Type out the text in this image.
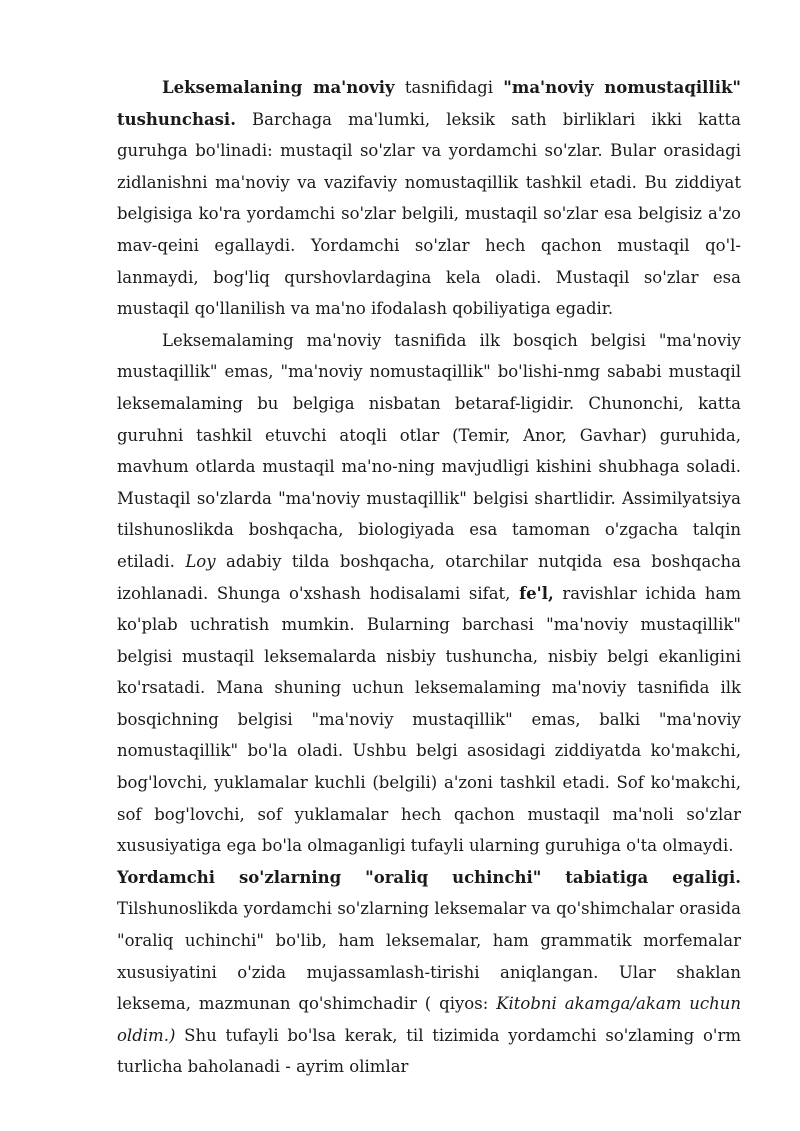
Leksemalaning ma'noviy tasnifidagi "ma'noviy nomustaqillik" tushunchasi. Barchaga ma'lumki, leksik sath birliklari ikki katta guruhga bo'linadi: mustaqil so'zlar va yordamchi so'zlar. Bular orasidagi zidlanishni ma'noviy va vazifaviy nomustaqillik tashkil etadi. Bu ziddiyat belgisiga ko'ra yordamchi so'zlar belgili, mustaqil so'zlar esa belgisiz a'zo mav-qeini egallaydi. Yordamchi so'zlar hech qachon mustaqil qo'l-lanmaydi, bog'liq qurshovlardagina kela oladi. Mustaqil so'zlar esa mustaqil qo'llanilish va ma'no ifodalash qobiliyatiga egadir.

Leksemalaming ma'noviy tasnifida ilk bosqich belgisi "ma'noviy mustaqillik" emas, "ma'noviy nomustaqillik" bo'lishi-nmg sababi mustaqil leksemalaming bu belgiga nisbatan betaraf-ligidir. Chunonchi, katta guruhni tashkil etuvchi atoqli otlar (Temir, Anor, Gavhar) guruhida, mavhum otlarda mustaqil ma'no-ning mavjudligi kishini shubhaga soladi. Mustaqil so'zlarda "ma'noviy mustaqillik" belgisi shartlidir. Assimilyatsiya tilshunoslikda boshqacha, biologiyada esa tamoman o'zgacha talqin etiladi. Loy adabiy tilda boshqacha, otarchilar nutqida esa boshqacha izohlanadi. Shunga o'xshash hodisalami sifat, fe'l, ravishlar ichida ham ko'plab uchratish mumkin. Bularning barchasi "ma'noviy mustaqillik" belgisi mustaqil leksemalarda nisbiy tushuncha, nisbiy belgi ekanligini ko'rsatadi. Mana shuning uchun leksemalaming ma'noviy tasnifida ilk bosqichning belgisi "ma'noviy mustaqillik" emas, balki "ma'noviy nomustaqillik" bo'la oladi. Ushbu belgi asosidagi ziddiyatda ko'makchi, bog'lovchi, yuklamalar kuchli (belgili) a'zoni tashkil etadi. Sof ko'makchi, sof bog'lovchi, sof yuklamalar hech qachon mustaqil ma'noli so'zlar xususiyatiga ega bo'la olmaganligi tufayli ularning guruhiga o'ta olmaydi.

Yordamchi so'zlarning "oraliq uchinchi" tabiatiga egaligi. Tilshunoslikda yordamchi so'zlarning leksemalar va qo'shimchalar orasida "oraliq uchinchi" bo'lib, ham leksemalar, ham grammatik morfemalar xususiyatini o'zida mujassamlash-tirishi aniqlangan. Ular shaklan leksema, mazmunan qo'shimchadir ( qiyos: Kitobni akamga/akam uchun oldim.) Shu tufayli bo'lsa kerak, til tizimida yordamchi so'zlaming o'rm turlicha baholanadi - ayrim olimlar
